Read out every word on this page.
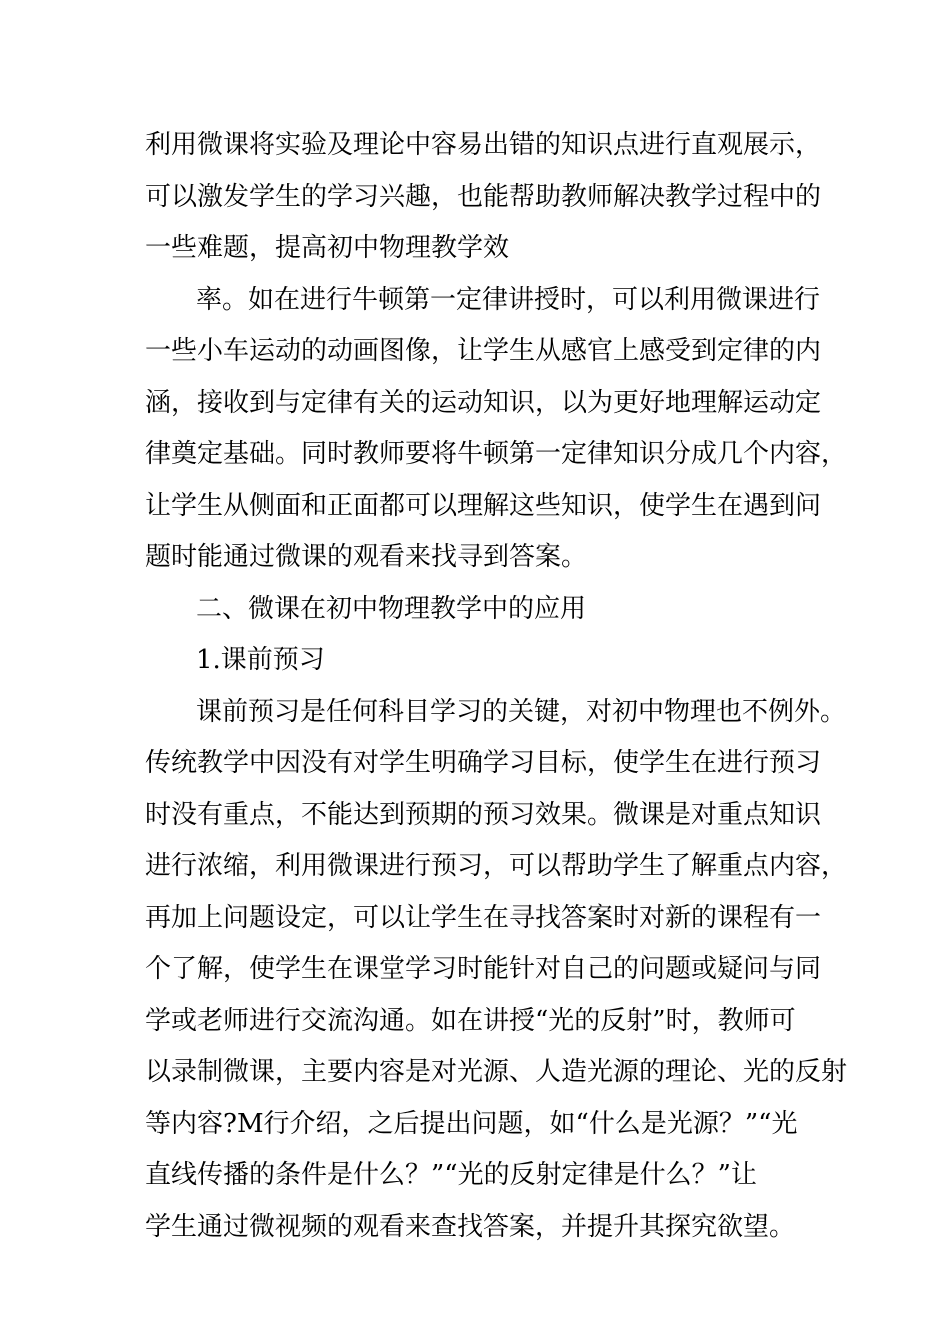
利用微课将实验及理论中容易出错的知识点进行直观展示，
可以激发学生的学习兴趣，也能帮助教师解决教学过程中的
一些难题，提高初中物理教学效
率。如在进行牛顿第一定律讲授时，可以利用微课进行
一些小车运动的动画图像，让学生从感官上感受到定律的内
涵，接收到与定律有关的运动知识，以为更好地理解运动定
律奠定基础。同时教师要将牛顿第一定律知识分成几个内容，
让学生从侧面和正面都可以理解这些知识，使学生在遇到问
题时能通过微课的观看来找寻到答案。
二、微课在初中物理教学中的应用
1.课前预习
课前预习是任何科目学习的关键，对初中物理也不例外。
传统教学中因没有对学生明确学习目标，使学生在进行预习
时没有重点，不能达到预期的预习效果。微课是对重点知识
进行浓缩，利用微课进行预习，可以帮助学生了解重点内容，
再加上问题设定，可以让学生在寻找答案时对新的课程有一
个了解，使学生在课堂学习时能针对自己的问题或疑问与同
学或老师进行交流沟通。如在讲授“光的反射”时，教师可
以录制微课，主要内容是对光源、人造光源的理论、光的反射
等内容?M行介绍，之后提出问题，如“什么是光源？”“光
直线传播的条件是什么？”“光的反射定律是什么？”让
学生通过微视频的观看来查找答案，并提升其探究欲望。
